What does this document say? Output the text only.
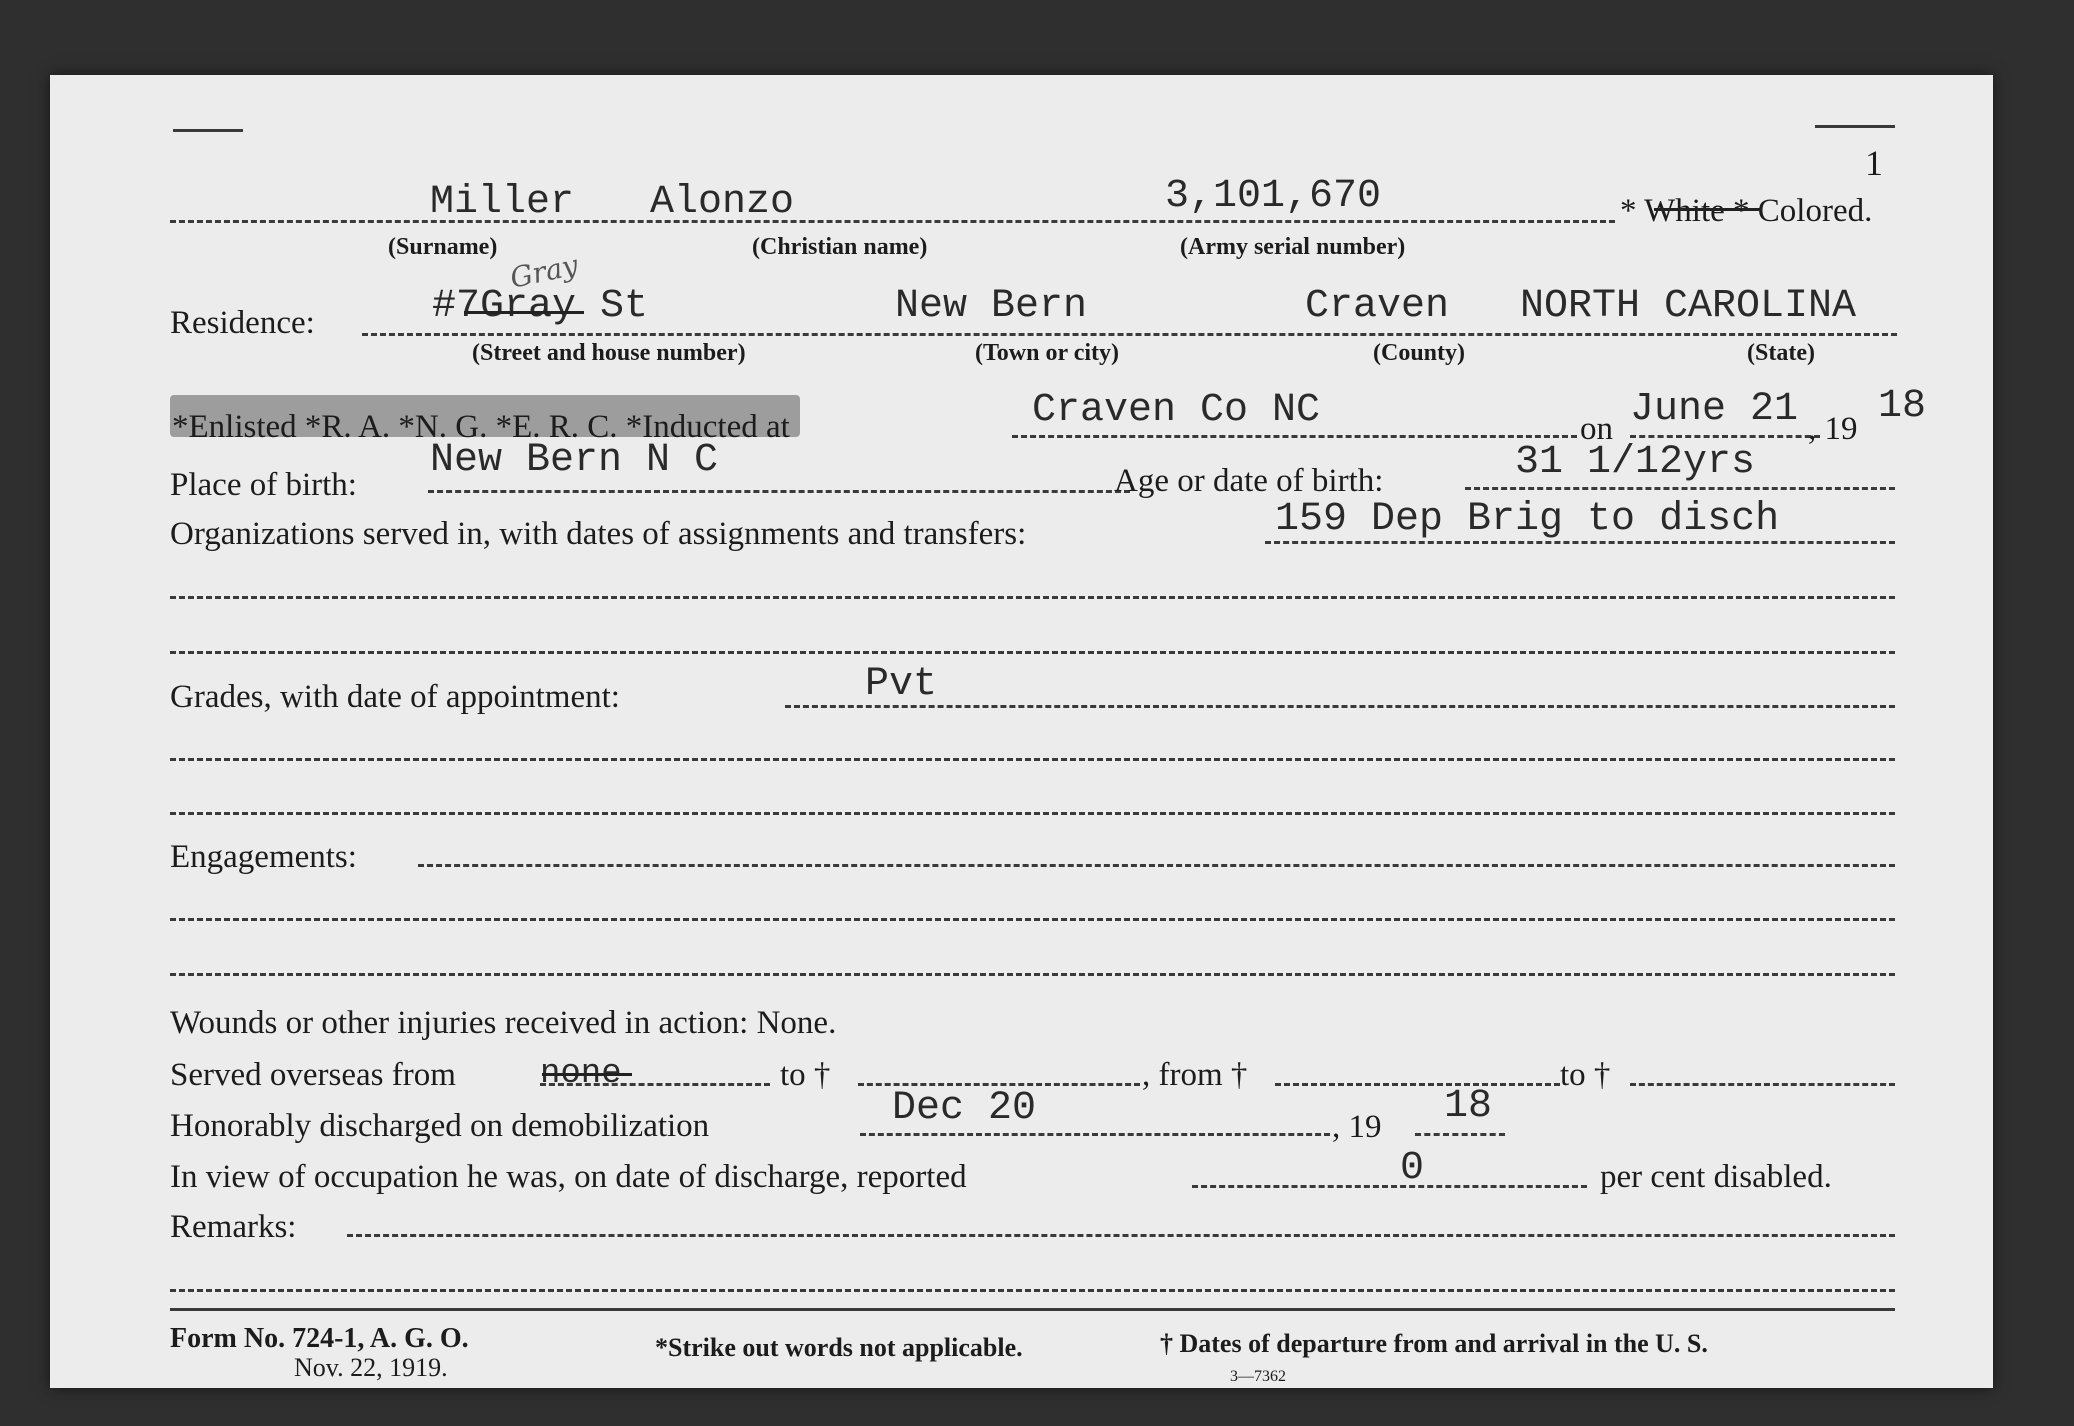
1
Miller Alonzo	3,101,670	* White * Colored.
(Surname)	(Christian name)	(Army serial number)
Residence:
Gray
#7Gray St	New Bern	Craven NORTH CAROLINA
(Street and house number)	(Town or city)	(County)	(State)
*Enlisted *R. A. *N. G. *E. R. C. *Inducted at	Craven Co NC	on June 21 , 19 18
Place of birth:
New Bern N C	Age or date of birth:	31 1/12yrs
Organizations served in, with dates of assignments and transfers:	159 Dep Brig to disch
Grades, with date of appointment:	Pvt
Engagements:
Wounds or other injuries received in action: None.
Served overseas from none	to †	, from †	to †
Honorably discharged on demobilization	Dec 20	, 19 18
In view of occupation he was, on date of discharge, reported	0	per cent disabled.
Remarks:
Form No. 724-1, A. G. O.
Nov. 22, 1919.
*Strike out words not applicable.	† Dates of departure from and arrival in the U. S.
3—7362
